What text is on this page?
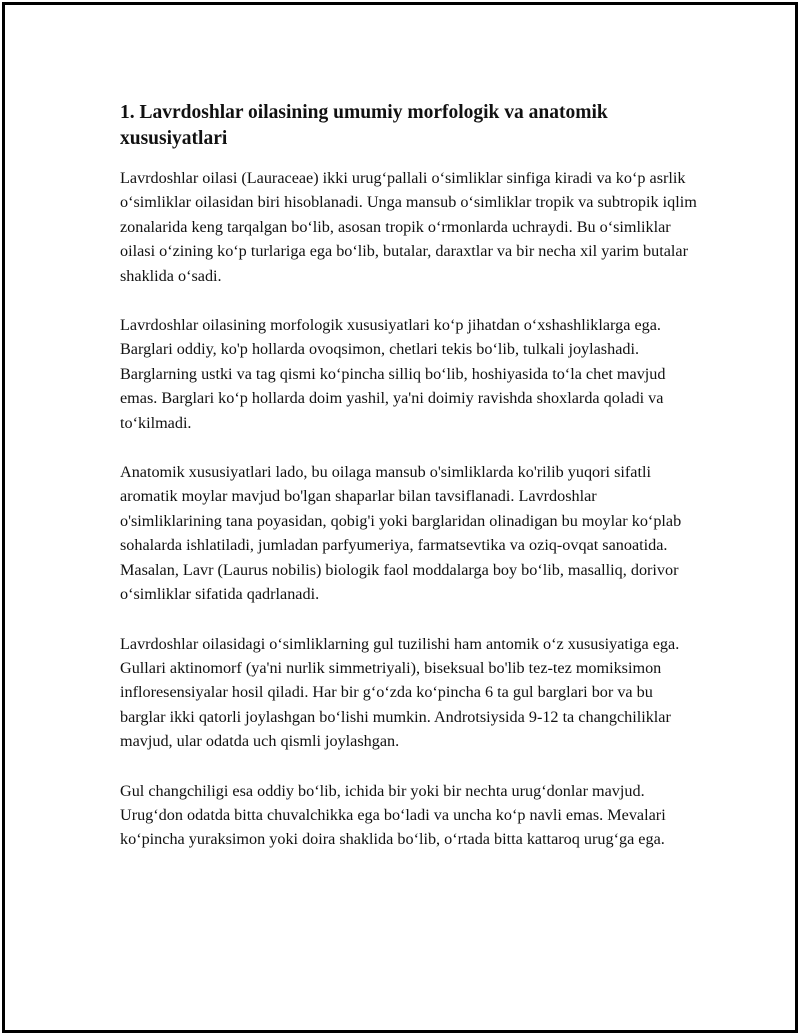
1. Lavrdoshlar oilasining umumiy morfologik va anatomik xususiyatlari

Lavrdoshlar oilasi (Lauraceae) ikki urug‘pallali o‘simliklar sinfiga kiradi va ko‘p asrlik o‘simliklar oilasidan biri hisoblanadi. Unga mansub o‘simliklar tropik va subtropik iqlim zonalarida keng tarqalgan bo‘lib, asosan tropik o‘rmonlarda uchraydi. Bu o‘simliklar oilasi o‘zining ko‘p turlariga ega bo‘lib, butalar, daraxtlar va bir necha xil yarim butalar shaklida o‘sadi.

Lavrdoshlar oilasining morfologik xususiyatlari ko‘p jihatdan o‘xshashliklarga ega. Barglari oddiy, ko'p hollarda ovoqsimon, chetlari tekis bo‘lib, tulkali joylashadi. Barglarning ustki va tag qismi ko‘pincha silliq bo‘lib, hoshiyasida to‘la chet mavjud emas. Barglari ko‘p hollarda doim yashil, ya'ni doimiy ravishda shoxlarda qoladi va to‘kilmadi.

Anatomik xususiyatlari lado, bu oilaga mansub o'simliklarda ko'rilib yuqori sifatli aromatik moylar mavjud bo'lgan shaparlar bilan tavsiflanadi. Lavrdoshlar o'simliklarining tana poyasidan, qobig'i yoki barglaridan olinadigan bu moylar ko‘plab sohalarda ishlatiladi, jumladan parfyumeriya, farmatsevtika va oziq-ovqat sanoatida. Masalan, Lavr (Laurus nobilis) biologik faol moddalarga boy bo‘lib, masalliq, dorivor o‘simliklar sifatida qadrlanadi.

Lavrdoshlar oilasidagi o‘simliklarning gul tuzilishi ham antomik o‘z xususiyatiga ega. Gullari aktinomorf (ya'ni nurlik simmetriyali), biseksual bo'lib tez-tez momiksimon infloresensiyalar hosil qiladi. Har bir g‘o‘zda ko‘pincha 6 ta gul barglari bor va bu barglar ikki qatorli joylashgan bo‘lishi mumkin. Androtsiysida 9-12 ta changchiliklar mavjud, ular odatda uch qismli joylashgan.

Gul changchiligi esa oddiy bo‘lib, ichida bir yoki bir nechta urug‘donlar mavjud. Urug‘don odatda bitta chuvalchikka ega bo‘ladi va uncha ko‘p navli emas. Mevalari ko‘pincha yuraksimon yoki doira shaklida bo‘lib, o‘rtada bitta kattaroq urug‘ga ega.
